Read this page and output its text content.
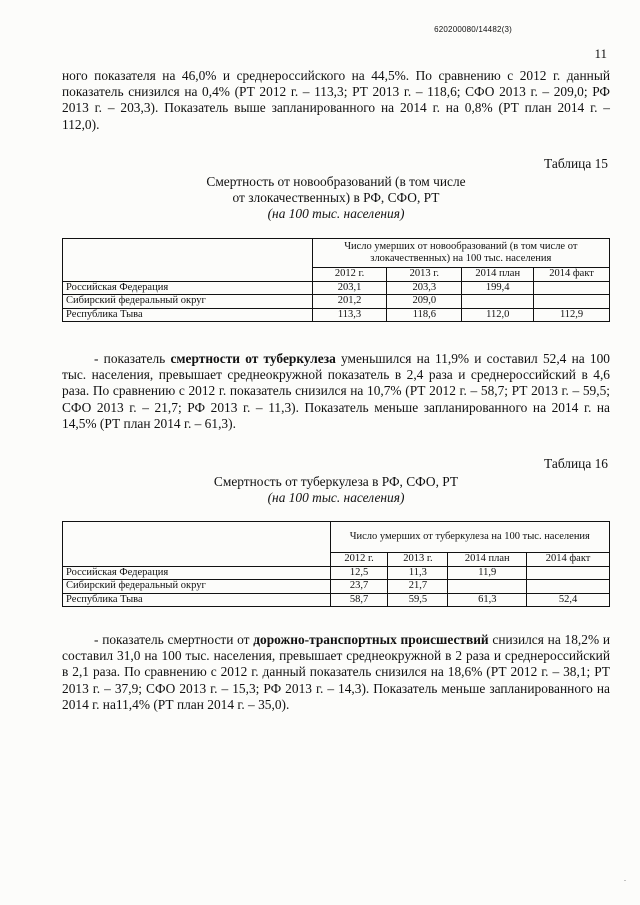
620200080/14482(3)
11

ного показателя на 46,0% и среднероссийского на 44,5%. По сравнению с 2012 г. данный показатель снизился на 0,4% (РТ 2012 г. – 113,3; РТ 2013 г. – 118,6; СФО 2013 г. – 209,0; РФ 2013 г. – 203,3). Показатель выше запланированного на 2014 г. на 0,8% (РТ план 2014 г. – 112,0).

Таблица 15
Смертность от новообразований (в том числе
от злокачественных) в РФ, СФО, РТ
(на 100 тыс. населения)
	Число умерших от новообразований (в том числе от злокачественных) на 100 тыс. населения			
	2012 г.	2013 г.	2014 план	2014 факт
Российская Федерация	203,1	203,3	199,4	
Сибирский федеральный округ	201,2	209,0		
Республика Тыва	113,3	118,6	112,0	112,9

- показатель смертности от туберкулеза уменьшился на 11,9% и составил 52,4 на 100 тыс. населения, превышает среднеокружной показатель в 2,4 раза и среднероссийский в 4,6 раза. По сравнению с 2012 г. показатель снизился на 10,7% (РТ 2012 г. – 58,7; РТ 2013 г. – 59,5; СФО 2013 г. – 21,7; РФ 2013 г. – 11,3). Показатель меньше запланированного на 2014 г. на 14,5% (РТ план 2014 г. – 61,3).

Таблица 16
Смертность от туберкулеза в РФ, СФО, РТ
(на 100 тыс. населения)
	Число умерших от туберкулеза на 100 тыс. населения			
	2012 г.	2013 г.	2014 план	2014 факт
Российская Федерация	12,5	11,3	11,9	
Сибирский федеральный округ	23,7	21,7		
Республика Тыва	58,7	59,5	61,3	52,4

- показатель смертности от дорожно-транспортных происшествий снизился на 18,2% и составил 31,0 на 100 тыс. населения, превышает среднеокружной в 2 раза и среднероссийский в 2,1 раза. По сравнению с 2012 г. данный показатель снизился на 18,6% (РТ 2012 г. – 38,1; РТ 2013 г. – 37,9; СФО 2013 г. – 15,3; РФ 2013 г. – 14,3). Показатель меньше запланированного на 2014 г. на11,4% (РТ план 2014 г. – 35,0).

.
